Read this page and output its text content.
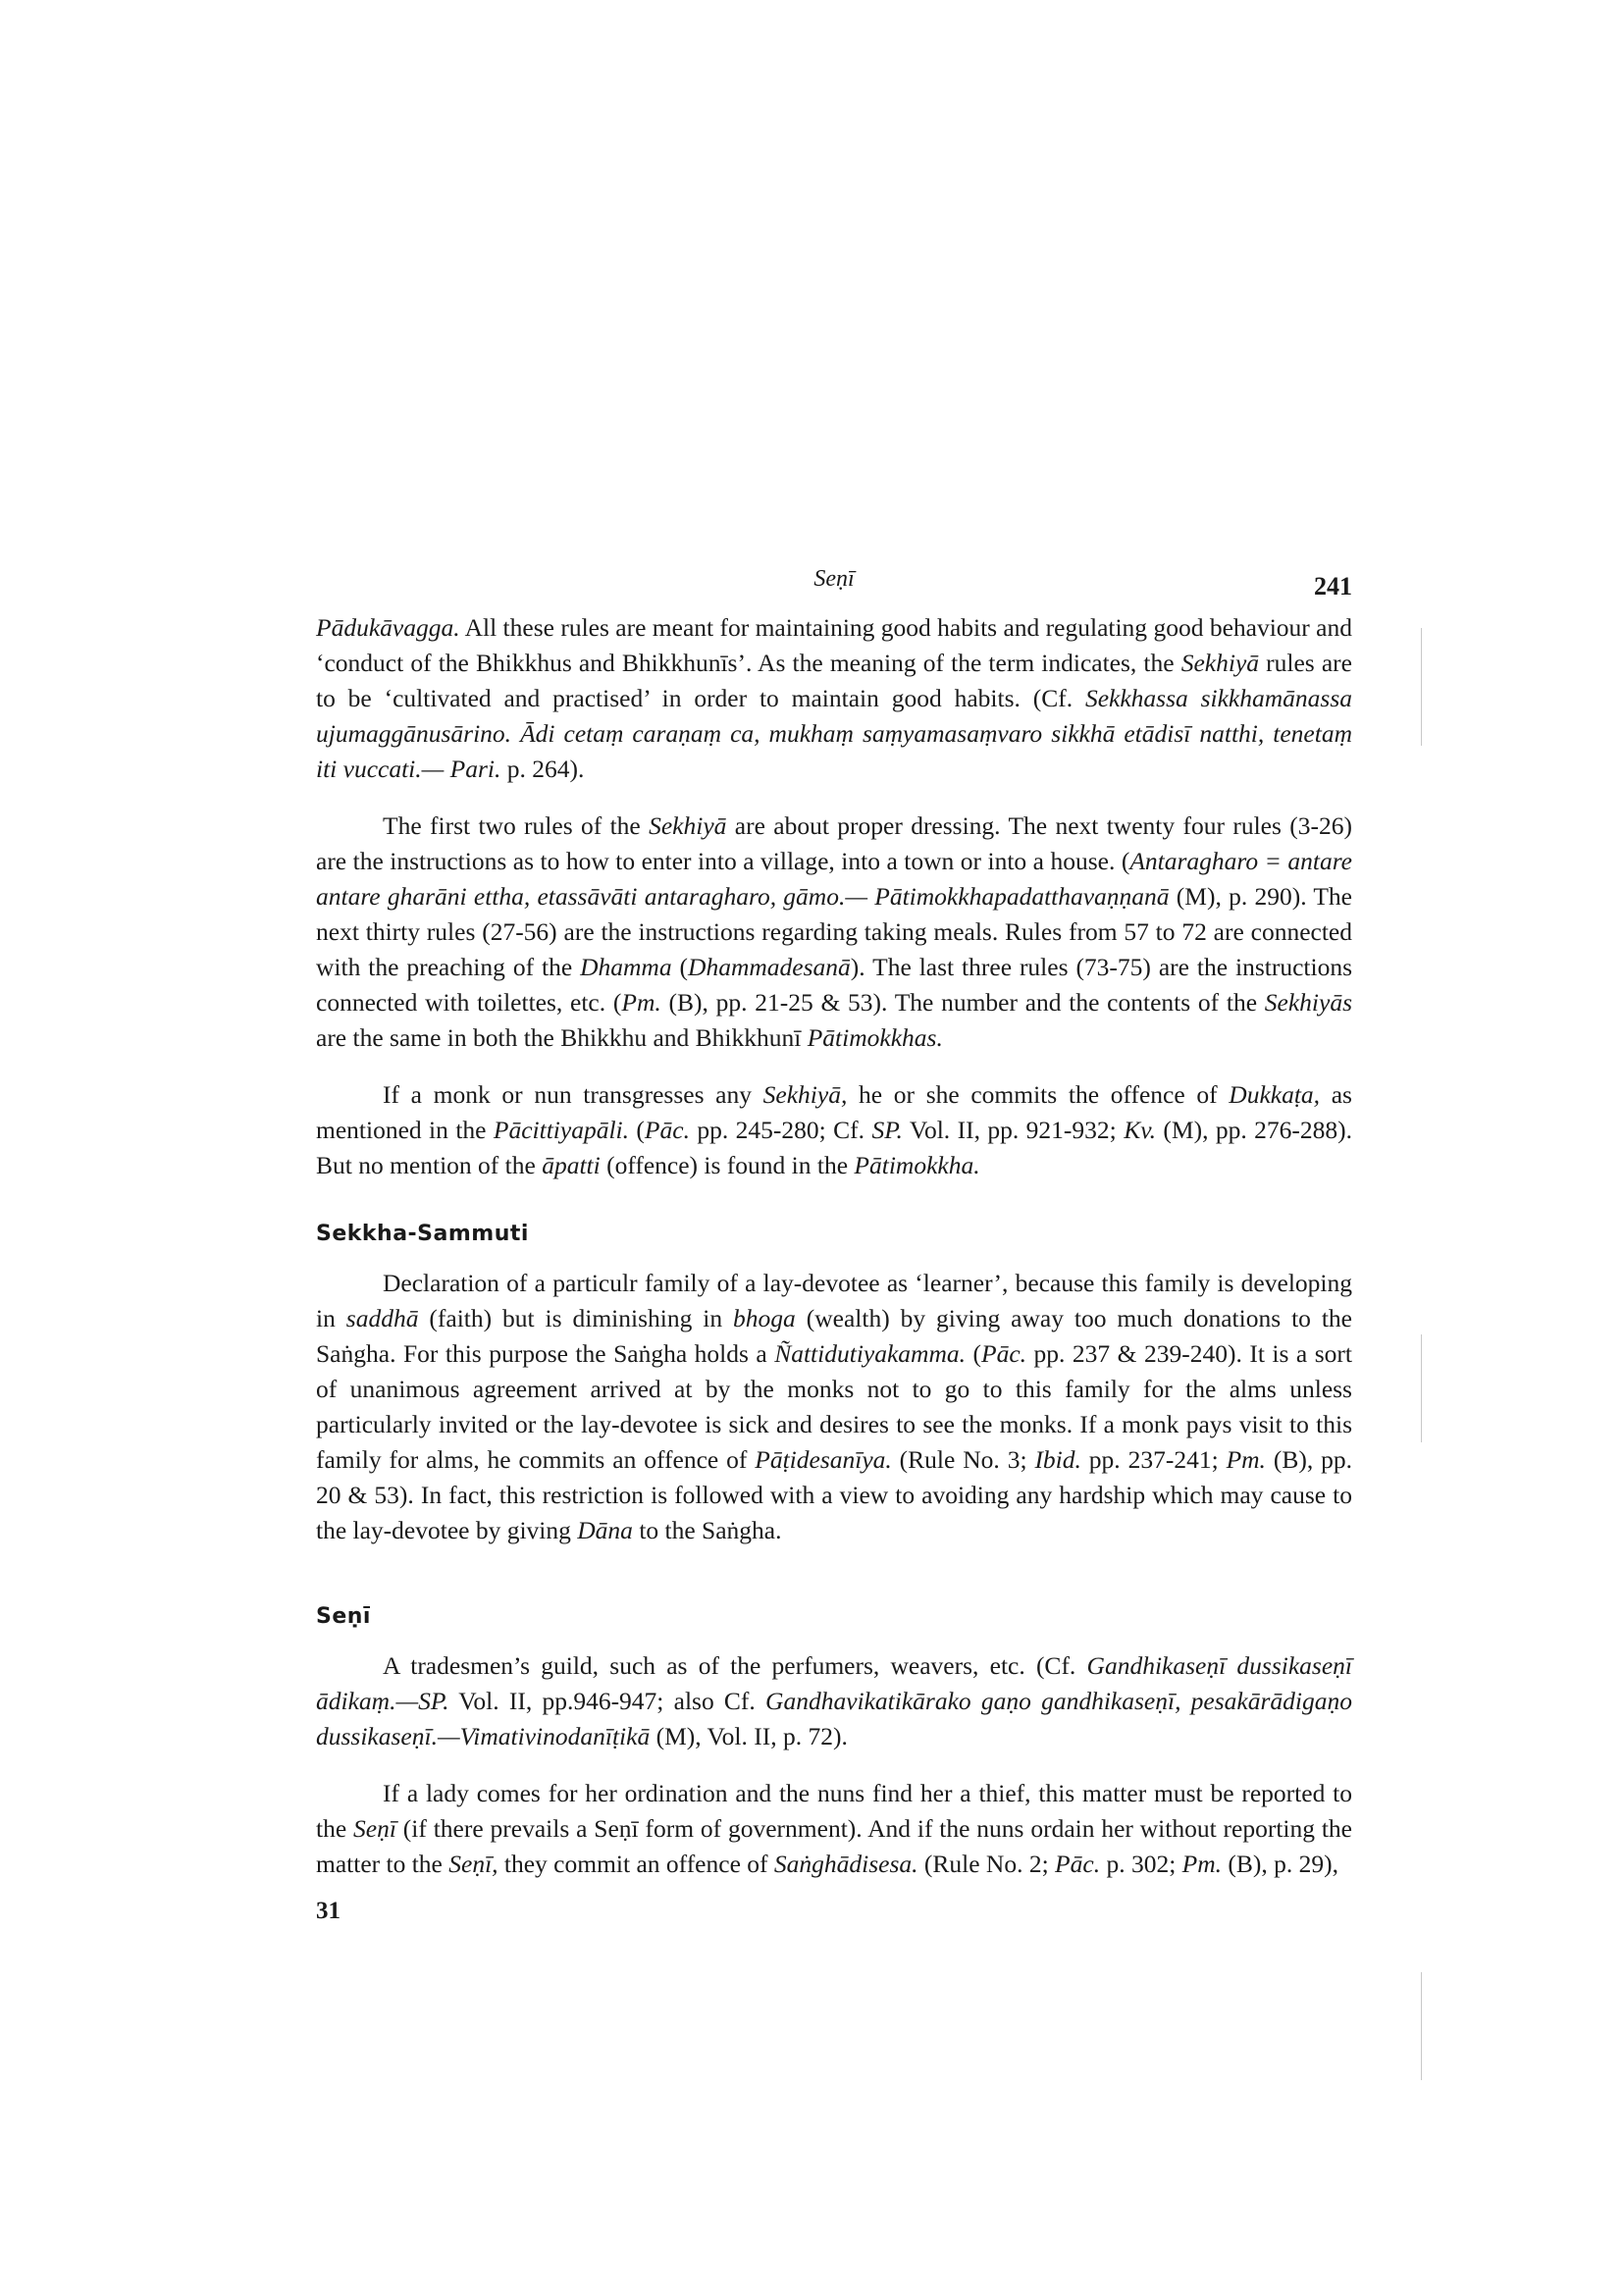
Seṇī	241

Pādukāvagga. All these rules are meant for maintaining good habits and regulating good behaviour and ‘conduct of the Bhikkhus and Bhikkhunīs’. As the meaning of the term indicates, the Sekhiyā rules are to be ‘cultivated and practised’ in order to maintain good habits. (Cf. Sekkhassa sikkhamānassa ujumaggānusārino. Ādi cetaṃ caraṇaṃ ca, mukhaṃ saṃyamasaṃvaro sikkhā etādisī natthi, tenetaṃ iti vuccati.— Pari. p. 264).

The first two rules of the Sekhiyā are about proper dressing. The next twenty four rules (3-26) are the instructions as to how to enter into a village, into a town or into a house. (Antaragharo = antare antare gharāni ettha, etassāvāti antaragharo, gāmo.— Pātimokkhapadatthavaṇṇanā (M), p. 290). The next thirty rules (27-56) are the instructions regarding taking meals. Rules from 57 to 72 are connected with the preaching of the Dhamma (Dhammadesanā). The last three rules (73-75) are the instructions connected with toilettes, etc. (Pm. (B), pp. 21-25 & 53). The number and the contents of the Sekhiyās are the same in both the Bhikkhu and Bhikkhunī Pātimokkhas.

If a monk or nun transgresses any Sekhiyā, he or she commits the offence of Dukkaṭa, as mentioned in the Pācittiyapāli. (Pāc. pp. 245-280; Cf. SP. Vol. II, pp. 921-932; Kv. (M), pp. 276-288). But no mention of the āpatti (offence) is found in the Pātimokkha.

Sekkha-Sammuti

Declaration of a particulr family of a lay-devotee as ‘learner’, because this family is developing in saddhā (faith) but is diminishing in bhoga (wealth) by giving away too much donations to the Saṅgha. For this purpose the Saṅgha holds a Ñattidutiyakamma. (Pāc. pp. 237 & 239-240). It is a sort of unanimous agreement arrived at by the monks not to go to this family for the alms unless particularly invited or the lay-devotee is sick and desires to see the monks. If a monk pays visit to this family for alms, he commits an offence of Pāṭidesanīya. (Rule No. 3; Ibid. pp. 237-241; Pm. (B), pp. 20 & 53). In fact, this restriction is followed with a view to avoiding any hardship which may cause to the lay-devotee by giving Dāna to the Saṅgha.

Seṇī

A tradesmen’s guild, such as of the perfumers, weavers, etc. (Cf. Gandhikaseṇī dussikaseṇī ādikaṃ.—SP. Vol. II, pp.946-947; also Cf. Gandhavikatikārako gaṇo gandhikaseṇī, pesakārādigaṇo dussikaseṇī.—Vimativinodanīṭikā (M), Vol. II, p. 72).

If a lady comes for her ordination and the nuns find her a thief, this matter must be reported to the Seṇī (if there prevails a Seṇī form of government). And if the nuns ordain her without reporting the matter to the Seṇī, they commit an offence of Saṅghādisesa. (Rule No. 2; Pāc. p. 302; Pm. (B), p. 29),

31
